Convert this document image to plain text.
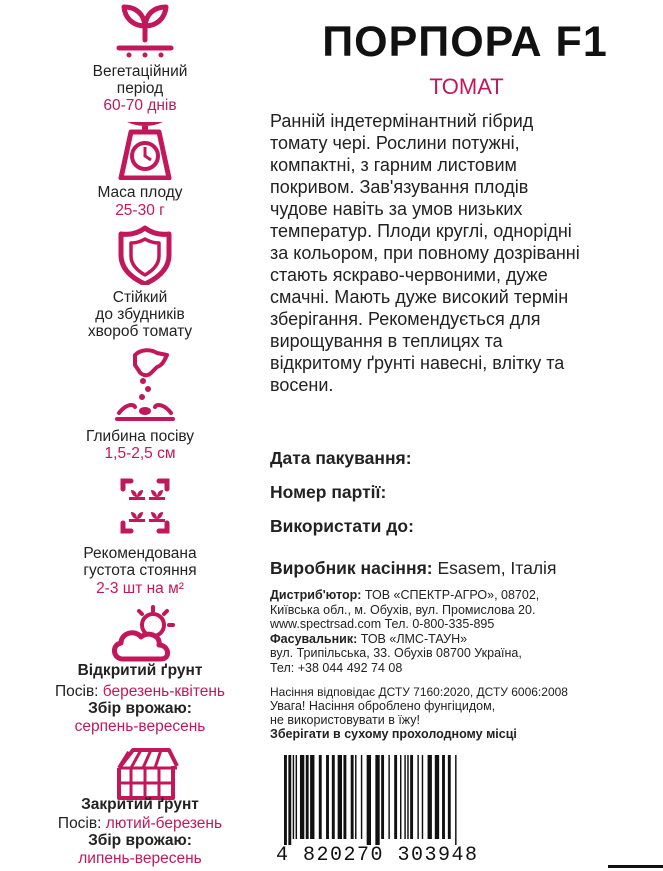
Вегетаційний
період
60-70 днів
Маса плоду
25-30 г
Стійкий
до збудників
хвороб томату
Глибина посіву
1,5-2,5 см
Рекомендована
густота стояння
2-3 шт на м²
Відкритий ґрунт
Посів: березень-квітень
Збір врожаю:
серпень-вересень
Закритий ґрунт
Посів: лютий-березень
Збір врожаю:
липень-вересень
ПОРПОРА F1
ТОМАТ
Ранній індетермінантний гібрид
томату чері. Рослини потужні,
компактні, з гарним листовим
покривом. Зав'язування плодів
чудове навіть за умов низьких
температур. Плоди круглі, однорідні
за кольором, при повному дозріванні
стають яскраво-червоними, дуже
смачні. Мають дуже високий термін
зберігання. Рекомендується для
вирощування в теплицях та
відкритому ґрунті навесні, влітку та
восени.
Дата пакування:
Номер партії:
Використати до:
Виробник насіння: Esasem, Італія
Дистриб'ютор: ТОВ «СПЕКТР-АГРО», 08702,
Київська обл., м. Обухів, вул. Промислова 20.
www.spectrsad.com Тел. 0-800-335-895
Фасувальник: ТОВ «ЛМС-ТАУН»
вул. Трипільська, 33. Обухів 08700 Україна,
Тел: +38 044 492 74 08
Насіння відповідає ДСТУ 7160:2020, ДСТУ 6006:2008
Увага! Насіння оброблено фунгіцидом,
не використовувати в їжу!
Зберігати в сухому прохолодному місці
4 820270 303948
